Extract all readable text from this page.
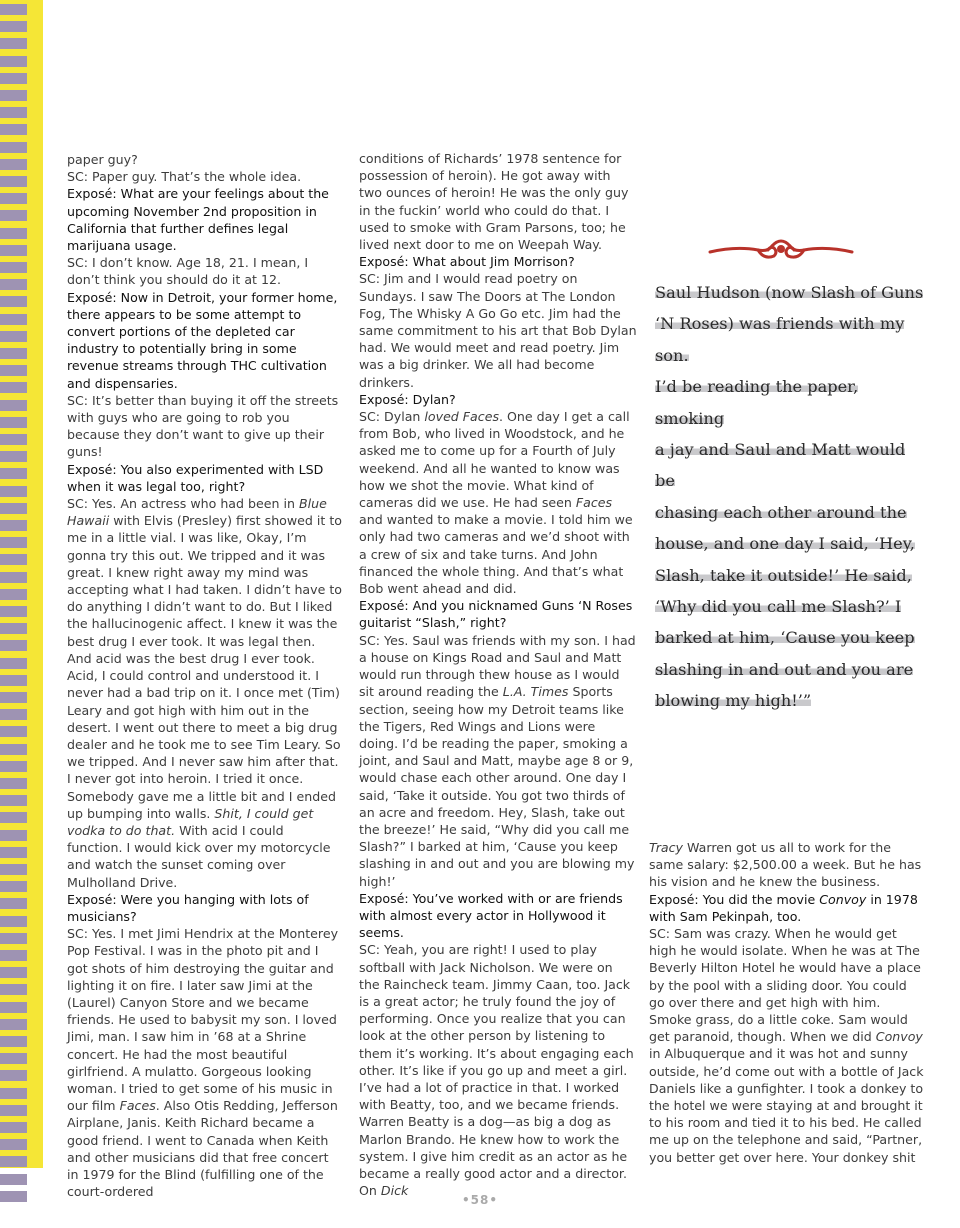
paper guy?

SC: Paper guy. That’s the whole idea.

Exposé: What are your feelings about the upcoming November 2nd proposition in California that further defines legal marijuana usage.

SC: I don’t know. Age 18, 21. I mean, I don’t think you should do it at 12.

Exposé: Now in Detroit, your former home, there appears to be some attempt to convert portions of the depleted car industry to potentially bring in some revenue streams through THC cultivation and dispensaries.

SC: It’s better than buying it off the streets with guys who are going to rob you because they don’t want to give up their guns!

Exposé: You also experimented with LSD when it was legal too, right?

SC: Yes. An actress who had been in Blue Hawaii with Elvis (Presley) first showed it to me in a little vial. I was like, Okay, I’m gonna try this out. We tripped and it was great. I knew right away my mind was accepting what I had taken. I didn’t have to do anything I didn’t want to do. But I liked the hallucinogenic affect. I knew it was the best drug I ever took. It was legal then. And acid was the best drug I ever took. Acid, I could control and understood it. I never had a bad trip on it. I once met (Tim) Leary and got high with him out in the desert. I went out there to meet a big drug dealer and he took me to see Tim Leary. So we tripped. And I never saw him after that. I never got into heroin. I tried it once. Somebody gave me a little bit and I ended up bumping into walls. Shit, I could get vodka to do that. With acid I could function. I would kick over my motorcycle and watch the sunset coming over Mulholland Drive.

Exposé: Were you hanging with lots of musicians?

SC: Yes. I met Jimi Hendrix at the Monterey Pop Festival. I was in the photo pit and I got shots of him destroying the guitar and lighting it on fire. I later saw Jimi at the (Laurel) Canyon Store and we became friends. He used to babysit my son. I loved Jimi, man. I saw him in ’68 at a Shrine concert. He had the most beautiful girlfriend. A mulatto. Gorgeous looking woman. I tried to get some of his music in our film Faces. Also Otis Redding, Jefferson Airplane, Janis. Keith Richard became a good friend. I went to Canada when Keith and other musicians did that free concert in 1979 for the Blind (fulfilling one of the court-ordered

conditions of Richards’ 1978 sentence for possession of heroin). He got away with two ounces of heroin! He was the only guy in the fuckin’ world who could do that. I used to smoke with Gram Parsons, too; he lived next door to me on Weepah Way.

Exposé: What about Jim Morrison?

SC: Jim and I would read poetry on Sundays. I saw The Doors at The London Fog, The Whisky A Go Go etc. Jim had the same commitment to his art that Bob Dylan had. We would meet and read poetry. Jim was a big drinker. We all had become drinkers.

Exposé: Dylan?

SC: Dylan loved Faces. One day I get a call from Bob, who lived in Woodstock, and he asked me to come up for a Fourth of July weekend. And all he wanted to know was how we shot the movie. What kind of cameras did we use. He had seen Faces and wanted to make a movie. I told him we only had two cameras and we’d shoot with a crew of six and take turns. And John financed the whole thing. And that’s what Bob went ahead and did.

Exposé: And you nicknamed Guns ‘N Roses guitarist “Slash,” right?

SC: Yes. Saul was friends with my son. I had a house on Kings Road and Saul and Matt would run through thew house as I would sit around reading the L.A. Times Sports section, seeing how my Detroit teams like the Tigers, Red Wings and Lions were doing. I’d be reading the paper, smoking a joint, and Saul and Matt, maybe age 8 or 9, would chase each other around. One day I said, ‘Take it outside. You got two thirds of an acre and freedom. Hey, Slash, take out the breeze!’ He said, “Why did you call me Slash?” I barked at him, ‘Cause you keep slashing in and out and you are blowing my high!’

Exposé: You’ve worked with or are friends with almost every actor in Hollywood it seems.

SC: Yeah, you are right! I used to play softball with Jack Nicholson. We were on the Raincheck team. Jimmy Caan, too. Jack is a great actor; he truly found the joy of performing. Once you realize that you can look at the other person by listening to them it’s working. It’s about engaging each other. It’s like if you go up and meet a girl. I’ve had a lot of practice in that. I worked with Beatty, too, and we became friends. Warren Beatty is a dog—as big a dog as Marlon Brando. He knew how to work the system. I give him credit as an actor as he became a really good actor and a director. On Dick

Saul Hudson (now Slash of Guns
‘N Roses) was friends with my son.
I’d be reading the paper, smoking
a jay and Saul and Matt would be
chasing each other around the
house, and one day I said, ‘Hey,
Slash, take it outside!’ He said,
‘Why did you call me Slash?’ I
barked at him, ‘Cause you keep
slashing in and out and you are
blowing my high!’”

Tracy Warren got us all to work for the same salary: $2,500.00 a week. But he has his vision and he knew the business.

Exposé: You did the movie Convoy in 1978 with Sam Pekinpah, too.

SC: Sam was crazy. When he would get high he would isolate. When he was at The Beverly Hilton Hotel he would have a place by the pool with a sliding door. You could go over there and get high with him. Smoke grass, do a little coke. Sam would get paranoid, though. When we did Convoy in Albuquerque and it was hot and sunny outside, he’d come out with a bottle of Jack Daniels like a gunfighter. I took a donkey to the hotel we were staying at and brought it to his room and tied it to his bed. He called me up on the telephone and said, “Partner, you better get over here. Your donkey shit

•58•
